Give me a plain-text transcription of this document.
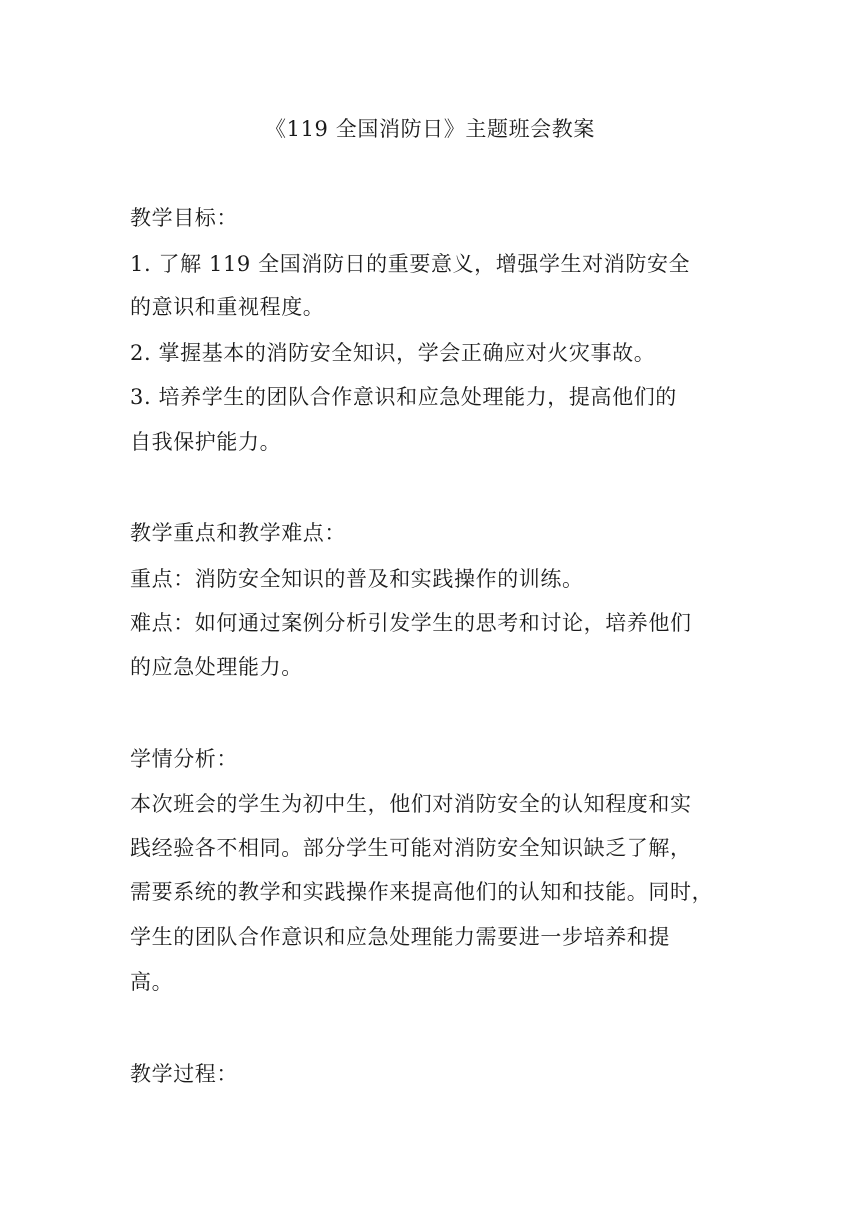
《119 全国消防日》主题班会教案
教学目标：
1. 了解 119 全国消防日的重要意义，增强学生对消防安全
的意识和重视程度。
2. 掌握基本的消防安全知识，学会正确应对火灾事故。
3. 培养学生的团队合作意识和应急处理能力，提高他们的
自我保护能力。
教学重点和教学难点：
重点：消防安全知识的普及和实践操作的训练。
难点：如何通过案例分析引发学生的思考和讨论，培养他们
的应急处理能力。
学情分析：
本次班会的学生为初中生，他们对消防安全的认知程度和实
践经验各不相同。部分学生可能对消防安全知识缺乏了解，
需要系统的教学和实践操作来提高他们的认知和技能。同时，
学生的团队合作意识和应急处理能力需要进一步培养和提
高。
教学过程：
